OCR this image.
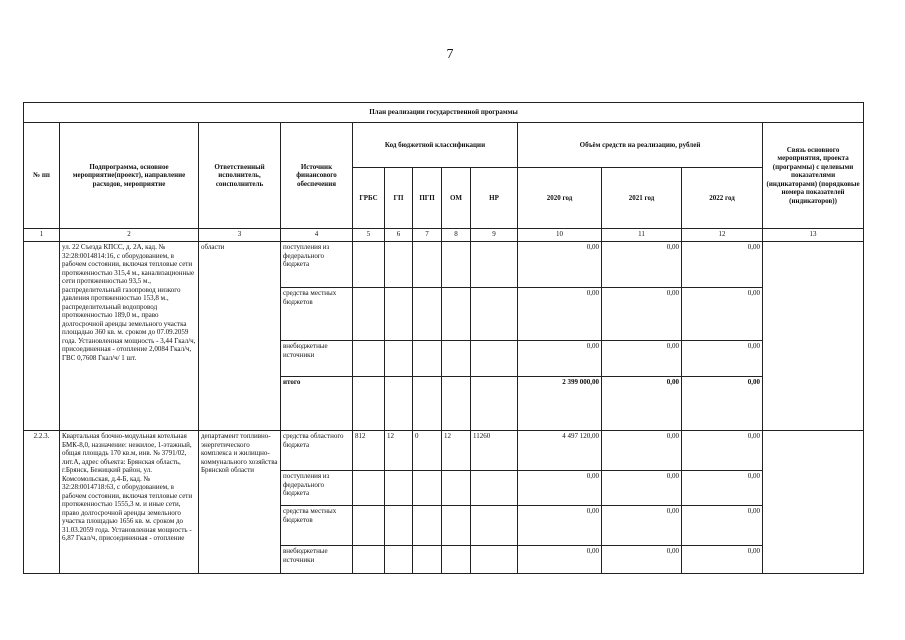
7
План реализации государственной программы												
№ пп	Подпрограмма, основное мероприятие(проект), направление расходов, мероприятие	Ответственный исполнитель, соисполнитель	Источник финансового обеспечения	Код бюджетной классификации					Объём средств на реализацию, рублей			Связь основного мероприятия, проекта (программы) с целевыми показателями (индикаторами) (порядковые номера показателей (индикаторов))
				ГРБС	ГП	ПГП	ОМ	НР	2020 год	2021 год	2022 год	
1	2	3	4	5	6	7	8	9	10	11	12	13
	ул. 22 Съезда КПСС, д. 2А, кад. № 32:28:0014814:16, с оборудованием, в рабочем состоянии, включая тепловые сети протяженностью 315,4 м., канализационные сети протяженностью 93,5 м., распределительный газопровод низкого давления протяженностью 153,8 м., распределительный водопровод протяженностью 189,0 м., право долгосрочной аренды земельного участка площадью 360 кв. м. сроком до 07.09.2059 года. Установленная мощность - 3,44 Гкал/ч, присоединенная - отопление 2,0084 Гкал/ч, ГВС 0,7608 Гкал/ч/ 1 шт.	области	поступления из федерального бюджета						0,00	0,00	0,00	
			средства местных бюджетов						0,00	0,00	0,00	
			внебюджетные источники						0,00	0,00	0,00	
			итого						2 399 000,00	0,00	0,00	
2.2.3.	Квартальная блочно-модульная котельная БМК-8,0, назначение: нежилое, 1-этажный, общая площадь 170 кв.м, инв. № 3791/02, лит.А, адрес объекта: Брянская область, г.Брянск, Бежицкий район, ул. Комсомольская, д.4-Б, кад. № 32:28:0014718:63, с оборудованием, в рабочем состоянии, включая тепловые сети протяженностью 1555,3 м. и иные сети, право долгосрочной аренды земельного участка площадью 1656 кв. м. сроком до 31.03.2059 года. Установленная мощность - 6,87 Гкал/ч, присоединенная - отопление	департамент топливно-энергетического комплекса и жилищно-коммунального хозяйства Брянской области	средства областного бюджета	812	12	0	12	11260	4 497 120,00	0,00	0,00	
			поступления из федерального бюджета						0,00	0,00	0,00	
			средства местных бюджетов						0,00	0,00	0,00	
			внебюджетные источники						0,00	0,00	0,00	
